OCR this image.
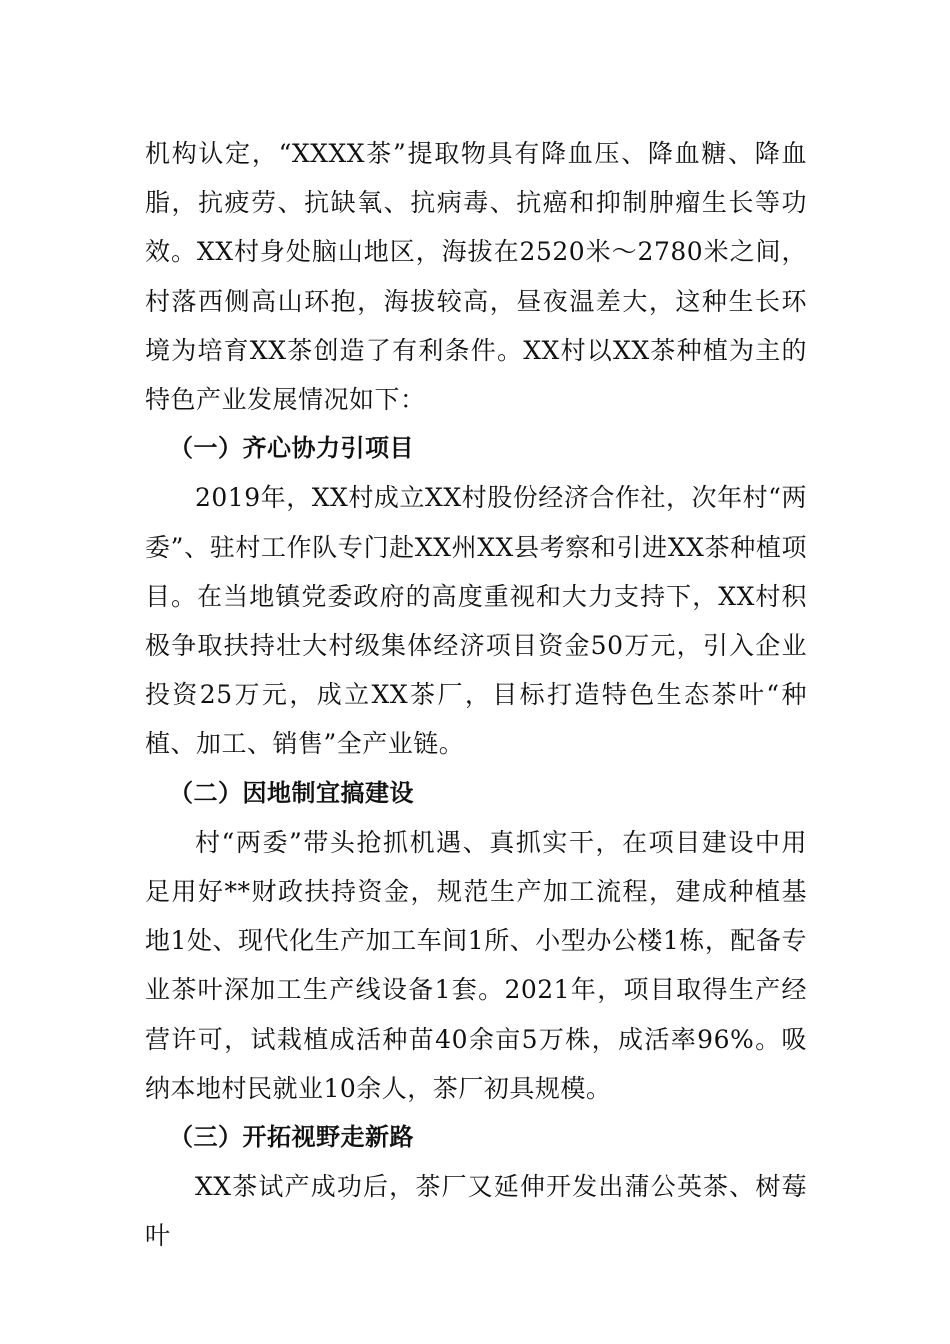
机构认定，“XXXX茶”提取物具有降血压、降血糖、降血脂，抗疲劳、抗缺氧、抗病毒、抗癌和抑制肿瘤生长等功效。XX村身处脑山地区，海拔在2520米～2780米之间，村落西侧高山环抱，海拔较高，昼夜温差大，这种生长环境为培育XX茶创造了有利条件。XX村以XX茶种植为主的特色产业发展情况如下：

（一）齐心协力引项目

2019年，XX村成立XX村股份经济合作社，次年村“两委”、驻村工作队专门赴XX州XX县考察和引进XX茶种植项目。在当地镇党委政府的高度重视和大力支持下，XX村积极争取扶持壮大村级集体经济项目资金50万元，引入企业投资25万元，成立XX茶厂，目标打造特色生态茶叶“种植、加工、销售”全产业链。

（二）因地制宜搞建设

村“两委”带头抢抓机遇、真抓实干，在项目建设中用足用好**财政扶持资金，规范生产加工流程，建成种植基地1处、现代化生产加工车间1所、小型办公楼1栋，配备专业茶叶深加工生产线设备1套。2021年，项目取得生产经营许可，试栽植成活种苗40余亩5万株，成活率96%。吸纳本地村民就业10余人，茶厂初具规模。

（三）开拓视野走新路

XX茶试产成功后，茶厂又延伸开发出蒲公英茶、树莓叶
